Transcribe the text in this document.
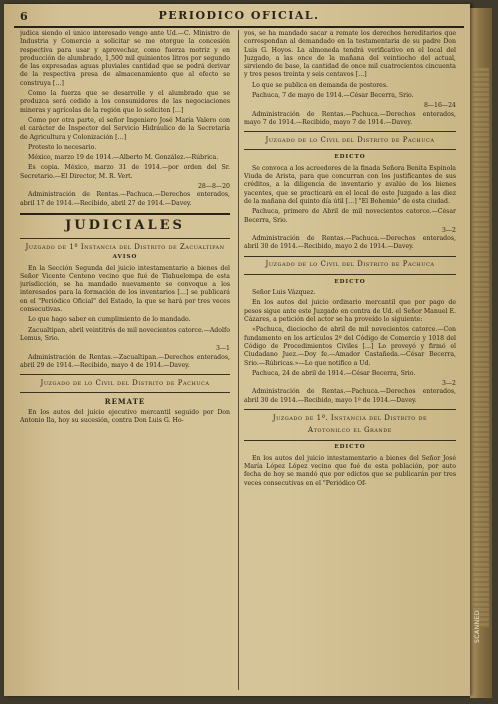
SCANNED
6	PERIODICO OFICIAL.

judica siendo el único interesado vengo ante Ud.—C. Ministro de Industria y Comercio a solicitar se me otorgue la concesión respectiva para usar y aprovechar, como fuerza motriz y en producción de alumbrado, 1,500 mil quinientos litros por segundo de las expresadas aguas pluviales cantidad que se podrá derivar de la respectiva presa de almacenamiento que al efecto se construya […]

Como la fuerza que se desarrolle y el alumbrado que se produzca será cedido a los consumidores de las negociaciones mineras y agrícolas de la región que lo soliciten […]

Como por otra parte, el señor Ingeniero José María Valero con el carácter de Inspector del Servicio Hidráulico de la Secretaría de Agricultura y Colonización […]

Protesto lo necesario.

México, marzo 19 de 1914.—Alberto M. González.—Rúbrica.

Es copia. México, marzo 31 de 1914.—por orden del Sr. Secretario.—El Director, M. R. Vert.

28—8—20

Administración de Rentas.—Pachuca.—Derechos enterados, abril 17 de 1914.—Recibido, abril 27 de 1914.—Davey.

JUDICIALES
Juzgado de 1ª Instancia del Distrito de Zacualtipan
AVISO

En la Sección Segunda del juicio intestamentario a bienes del Señor Vicente Centeno vecino que fué de Tlahuelompa de esta jurisdicción, se ha mandado nuevamente se convoque a los interesados para la formación de los inventarios […] se publicará en el "Periódico Oficial" del Estado, la que se hará por tres veces consecutivas.

Lo que hago saber en cumplimiento de lo mandado.

Zacualtipan, abril veintitrés de mil novecientos catorce.—Adolfo Lemus, Srio.

3—1

Administración de Rentas.—Zacualtipan.—Derechos enterados, abril 29 de 1914.—Recibido, mayo 4 de 1914.—Davey.

Juzgado de lo Civil del Distrito de Pachuca
REMATE

En los autos del juicio ejecutivo mercantil seguido por Don Antonio Ila, hoy su sucesión, contra Don Luis G. Ho-

yos, se ha mandado sacar a remate los derechos hereditarios que correspondan al demandado en la testamentaria de su padre Don Luis G. Hoyos. La almoneda tendrá verificativo en el local del Juzgado, a las once de la mañana del veintiocho del actual, sirviendo de base, la cantidad de once mil cuatrocientos cincuenta y tres pesos treinta y seis centavos […]

Lo que se publica en demanda de postores.

Pachuca, 7 de mayo de 1914.—César Becerra, Srio.

8—16—24

Administración de Rentas.—Pachuca.—Derechos enterados, mayo 7 de 1914.—Recibido, mayo 7 de 1914.—Davey.

Juzgado de lo Civil del Distrito de Pachuca
EDICTO

Se convoca a los acreedores de la finada Señora Benita Espinola Viuda de Arista, para que concurran con los justificantes de sus créditos, a la diligencia de inventario y avalúo de los bienes yacentes, que se practicará en el local de este Juzgado a las diez de la mañana del quinto día útil […] "El Bohemio" de esta ciudad.

Pachuca, primero de Abril de mil novecientos catorce.—César Becerra, Srio.

3—2

Administración de Rentas.—Pachuca.—Derechos enterados, abril 30 de 1914.—Recibido, mayo 2 de 1914.—Davey.

Juzgado de lo Civil del Distrito de Pachuca
EDICTO

Señor Luis Vázquez.

En los autos del juicio ordinario mercantil que por pago de pesos sigue ante este Juzgado en contra de Ud. el Señor Manuel E. Cázares, a petición del actor se ha proveído lo siguiente:

«Pachuca, dieciocho de abril de mil novecientos catorce.—Con fundamento en los artículos 2º del Código de Comercio y 1018 del Código de Procedimientos Civiles […] Lo proveyó y firmó el Ciudadano Juez.—Doy fe.—Amador Castañeda.—César Becerra, Srio.—Rúbricas.»—Lo que notifico a Ud.

Pachuca, 24 de abril de 1914.—César Becerra, Srio.

3—2

Administración de Rentas.—Pachuca.—Derechos enterados, abril 30 de 1914.—Recibido, mayo 1º de 1914.—Davey.

Juzgado de 1ª. Instancia del Distrito de
Atotonilco el Grande
EDICTO

En los autos del juicio intestamentario a bienes del Señor José María López López vecino que fué de esta población, por auto fecha de hoy se mandó que por edictos que se publicarán por tres veces consecutivas en el "Periódico Of-
